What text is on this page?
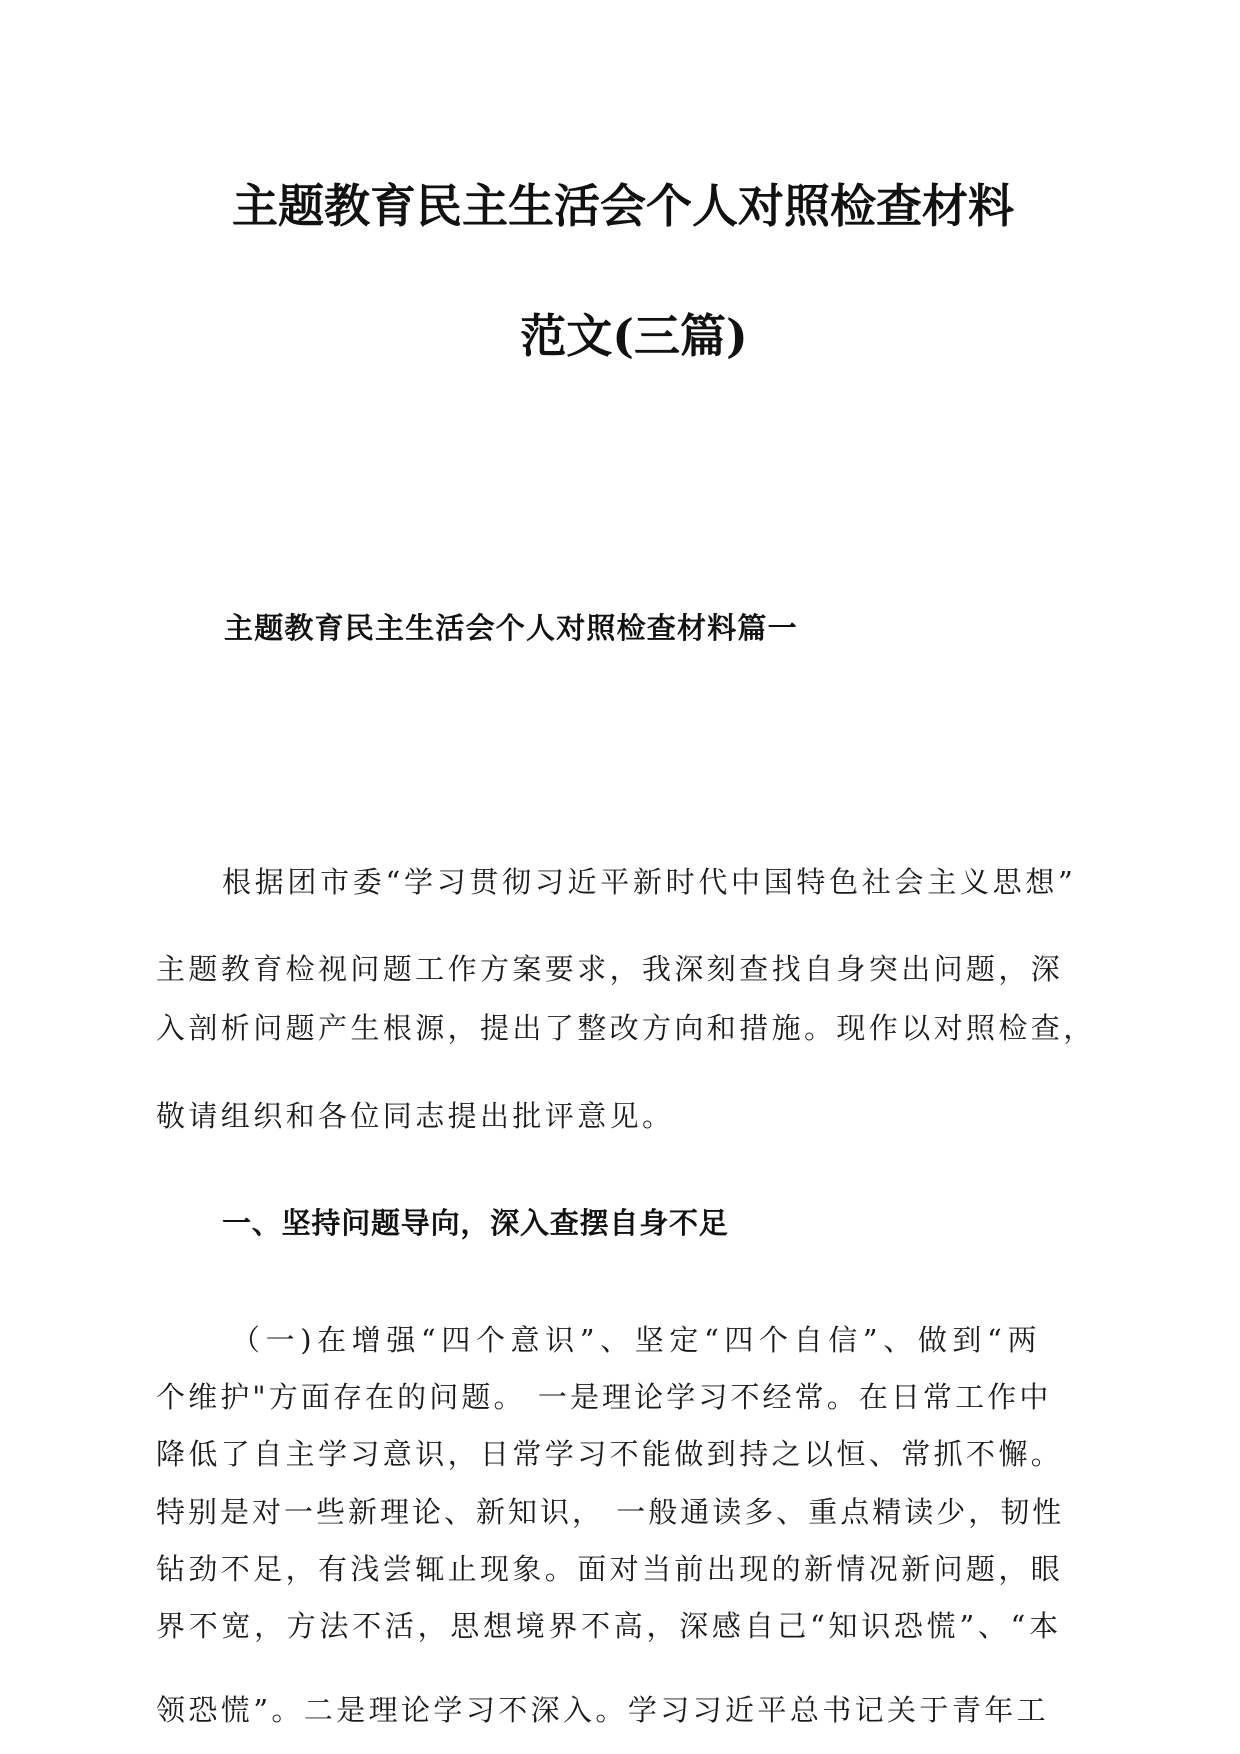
主题教育民主生活会个人对照检查材料
范文(三篇)
主题教育民主生活会个人对照检查材料篇一
根据团市委“学习贯彻习近平新时代中国特色社会主义思想”
主题教育检视问题工作方案要求，我深刻查找自身突出问题，深
入剖析问题产生根源，提出了整改方向和措施。现作以对照检查，
敬请组织和各位同志提出批评意见。
一、坚持问题导向，深入查摆自身不足
（一)在增强“四个意识”、坚定“四个自信”、做到“两
个维护"方面存在的问题。 一是理论学习不经常。在日常工作中
降低了自主学习意识，日常学习不能做到持之以恒、常抓不懈。
特别是对一些新理论、新知识， 一般通读多、重点精读少，韧性
钻劲不足，有浅尝辄止现象。面对当前出现的新情况新问题，眼
界不宽，方法不活，思想境界不高，深感自己“知识恐慌”、“本
领恐慌”。二是理论学习不深入。学习习近平总书记关于青年工
